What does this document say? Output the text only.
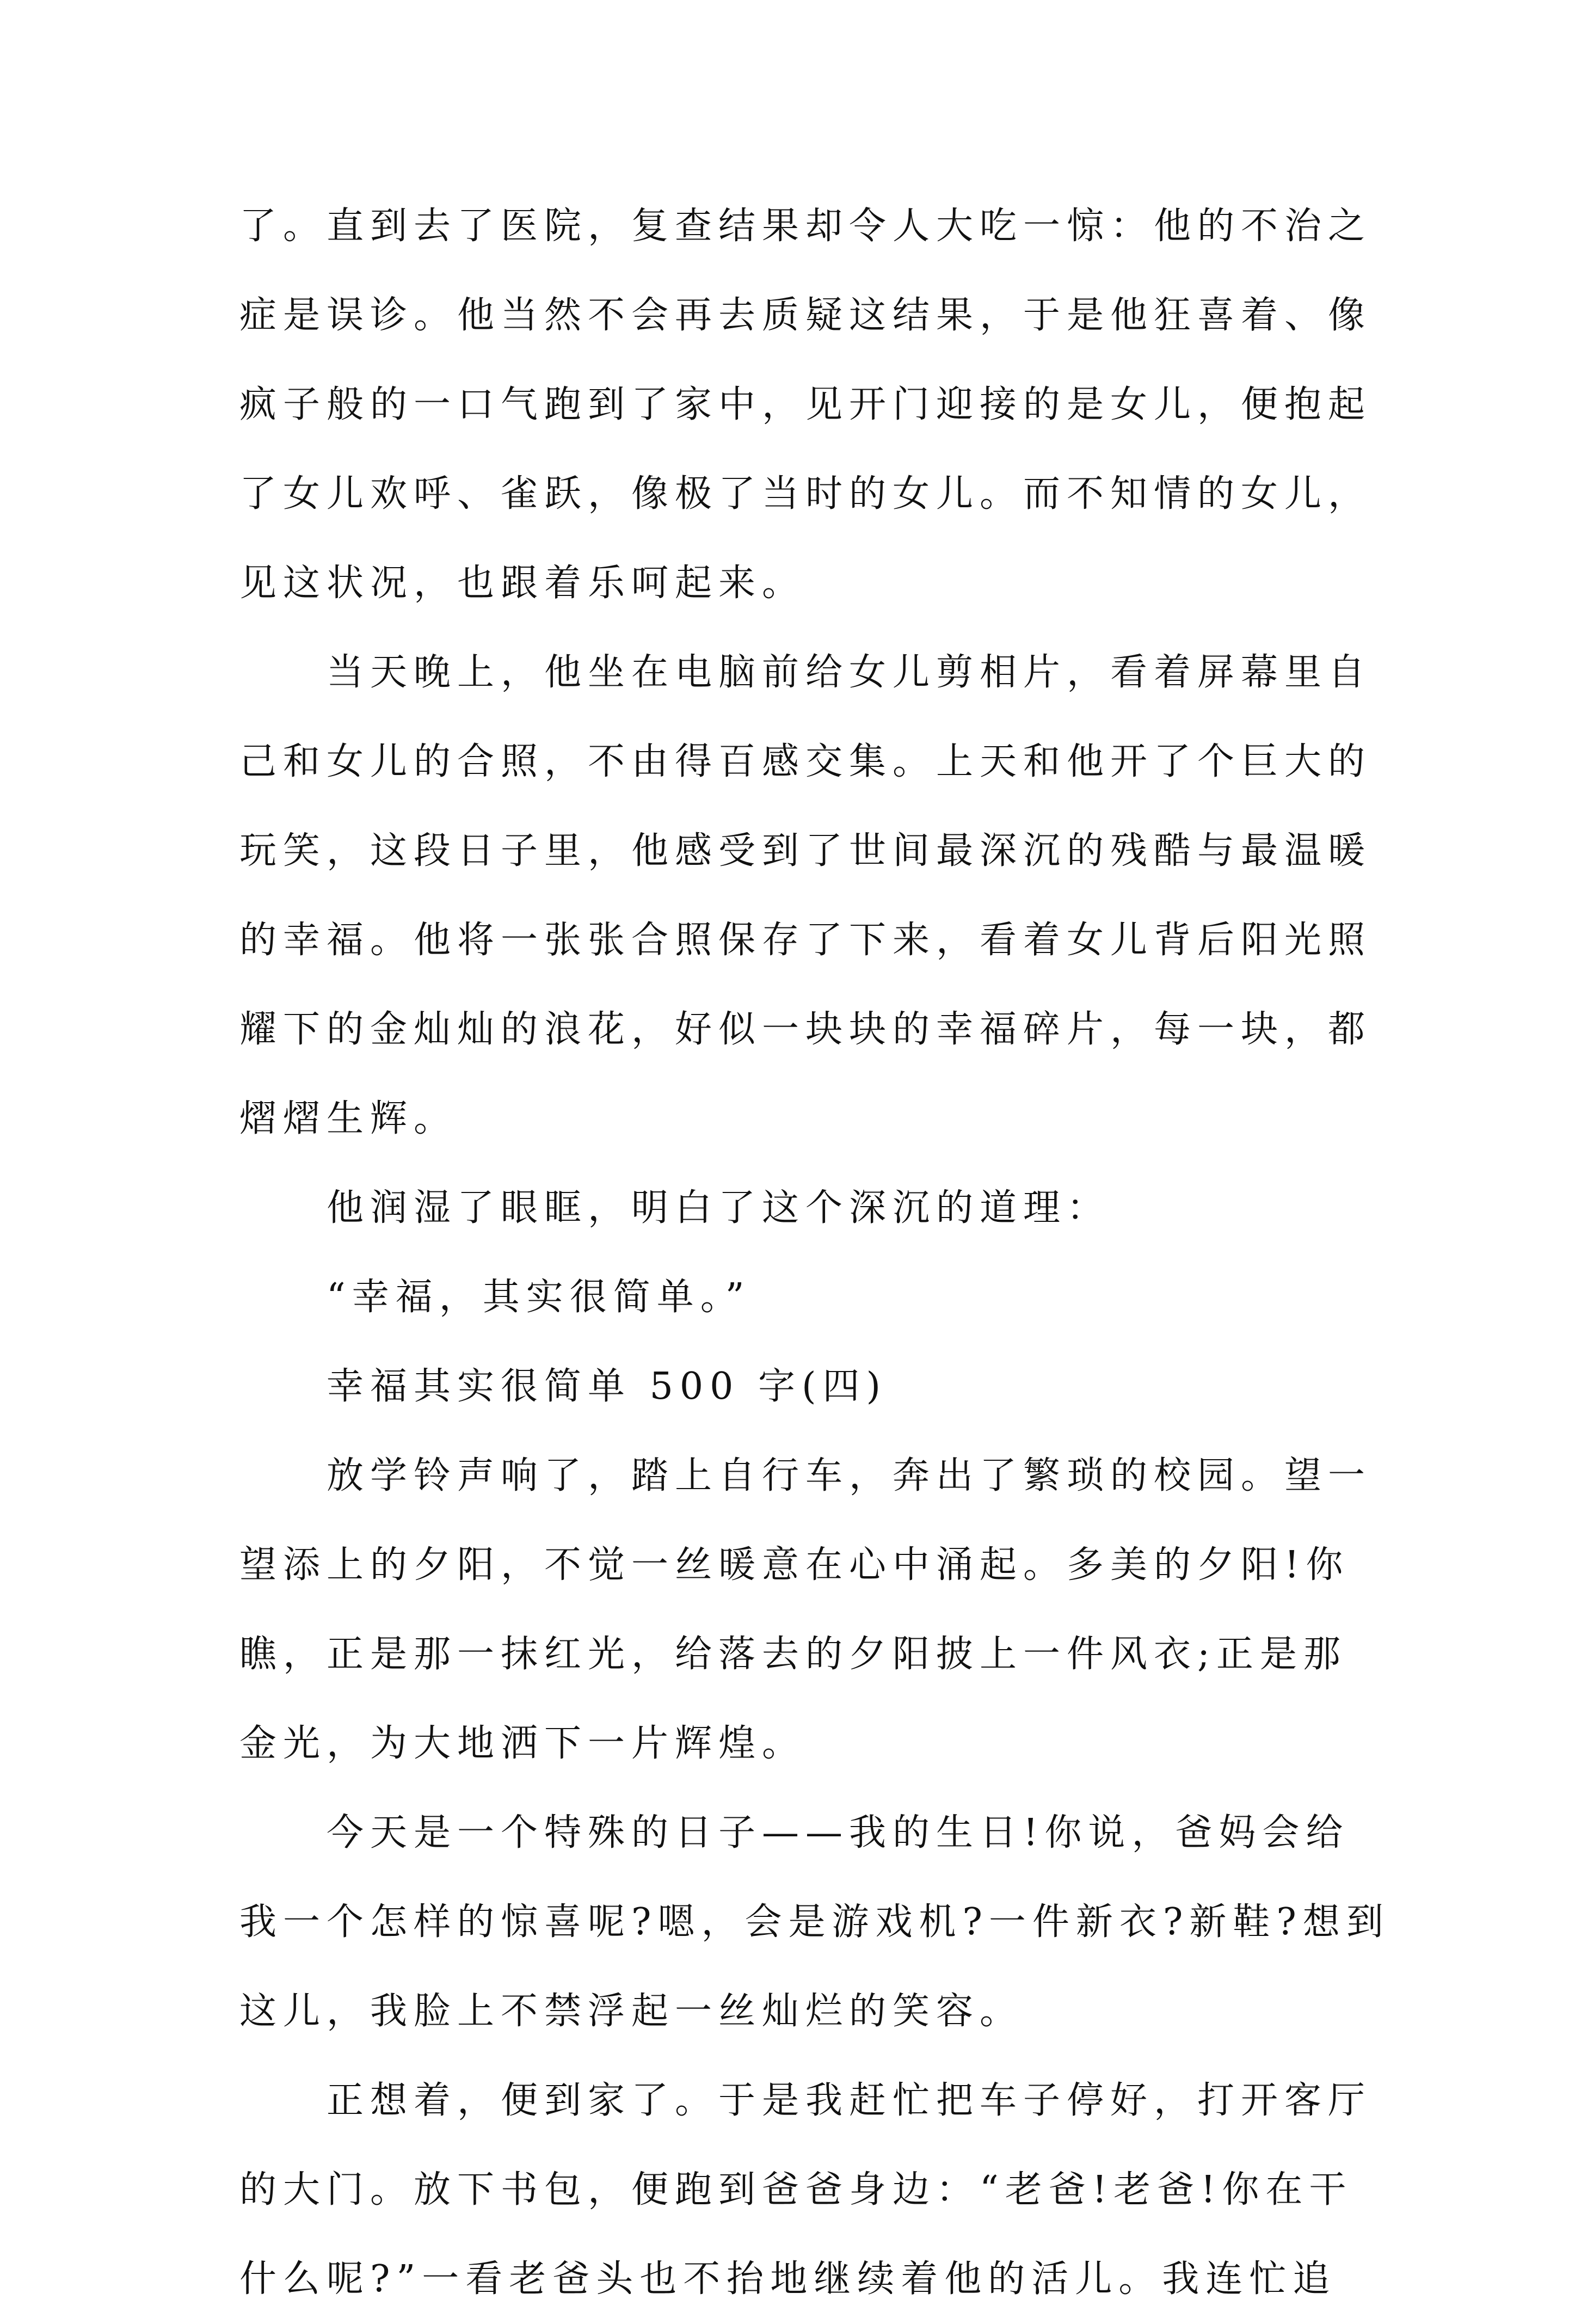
了。直到去了医院，复查结果却令人大吃一惊：他的不治之
症是误诊。他当然不会再去质疑这结果，于是他狂喜着、像
疯子般的一口气跑到了家中，见开门迎接的是女儿，便抱起
了女儿欢呼、雀跃，像极了当时的女儿。而不知情的女儿，
见这状况，也跟着乐呵起来。
当天晚上，他坐在电脑前给女儿剪相片，看着屏幕里自
己和女儿的合照，不由得百感交集。上天和他开了个巨大的
玩笑，这段日子里，他感受到了世间最深沉的残酷与最温暖
的幸福。他将一张张合照保存了下来，看着女儿背后阳光照
耀下的金灿灿的浪花，好似一块块的幸福碎片，每一块，都
熠熠生辉。
他润湿了眼眶，明白了这个深沉的道理：
“幸福，其实很简单。”
幸福其实很简单 500 字(四)
放学铃声响了，踏上自行车，奔出了繁琐的校园。望一
望添上的夕阳，不觉一丝暖意在心中涌起。多美的夕阳!你
瞧，正是那一抹红光，给落去的夕阳披上一件风衣;正是那
金光，为大地洒下一片辉煌。
今天是一个特殊的日子——我的生日!你说，爸妈会给
我一个怎样的惊喜呢?嗯，会是游戏机?一件新衣?新鞋?想到
这儿，我脸上不禁浮起一丝灿烂的笑容。
正想着，便到家了。于是我赶忙把车子停好，打开客厅
的大门。放下书包，便跑到爸爸身边：“老爸!老爸!你在干
什么呢?”一看老爸头也不抬地继续着他的活儿。我连忙追
